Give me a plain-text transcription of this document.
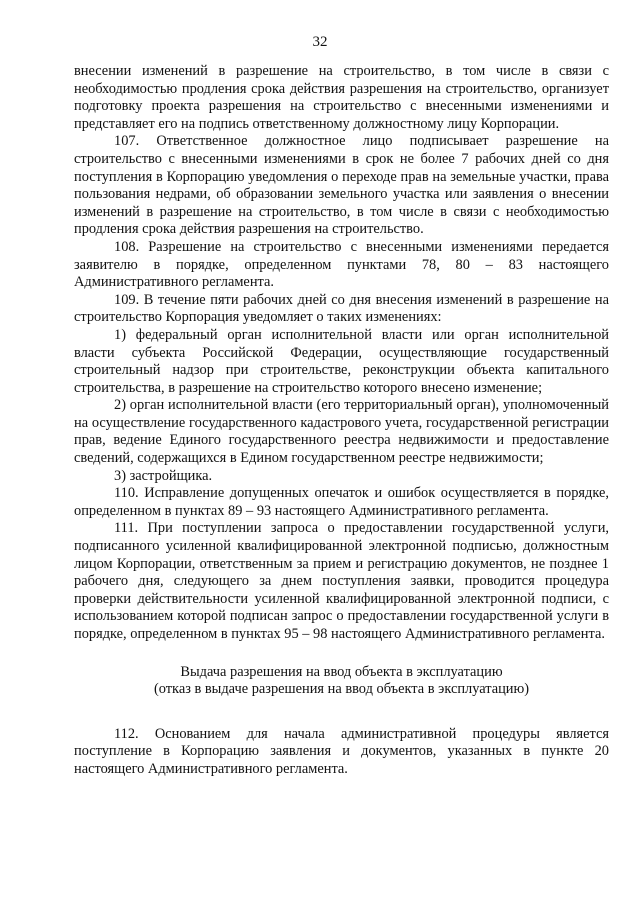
32

внесении изменений в разрешение на строительство, в том числе в связи с необходимостью продления срока действия разрешения на строительство, организует подготовку проекта разрешения на строительство с внесенными изменениями и представляет его на подпись ответственному должностному лицу Корпорации.

107. Ответственное должностное лицо подписывает разрешение на строительство с внесенными изменениями в срок не более 7 рабочих дней со дня поступления в Корпорацию уведомления о переходе прав на земельные участки, права пользования недрами, об образовании земельного участка или заявления о внесении изменений в разрешение на строительство, в том числе в связи с необходимостью продления срока действия разрешения на строительство.

108. Разрешение на строительство с внесенными изменениями передается заявителю в порядке, определенном пунктами 78, 80 – 83 настоящего Административного регламента.

109. В течение пяти рабочих дней со дня внесения изменений в разрешение на строительство Корпорация уведомляет о таких изменениях:

1) федеральный орган исполнительной власти или орган исполнительной власти субъекта Российской Федерации, осуществляющие государственный строительный надзор при строительстве, реконструкции объекта капитального строительства, в разрешение на строительство которого внесено изменение;

2) орган исполнительной власти (его территориальный орган), уполномоченный на осуществление государственного кадастрового учета, государственной регистрации прав, ведение Единого государственного реестра недвижимости и предоставление сведений, содержащихся в Едином государственном реестре недвижимости;

3) застройщика.

110. Исправление допущенных опечаток и ошибок осуществляется в порядке, определенном в пунктах 89 – 93 настоящего Административного регламента.

111. При поступлении запроса о предоставлении государственной услуги, подписанного усиленной квалифицированной электронной подписью, должностным лицом Корпорации, ответственным за прием и регистрацию документов, не позднее 1 рабочего дня, следующего за днем поступления заявки, проводится процедура проверки действительности усиленной квалифицированной электронной подписи, с использованием которой подписан запрос о предоставлении государственной услуги в порядке, определенном в пунктах 95 – 98 настоящего Административного регламента.

Выдача разрешения на ввод объекта в эксплуатацию

(отказ в выдаче разрешения на ввод объекта в эксплуатацию)

112. Основанием для начала административной процедуры является поступление в Корпорацию заявления и документов, указанных в пункте 20 настоящего Административного регламента.
